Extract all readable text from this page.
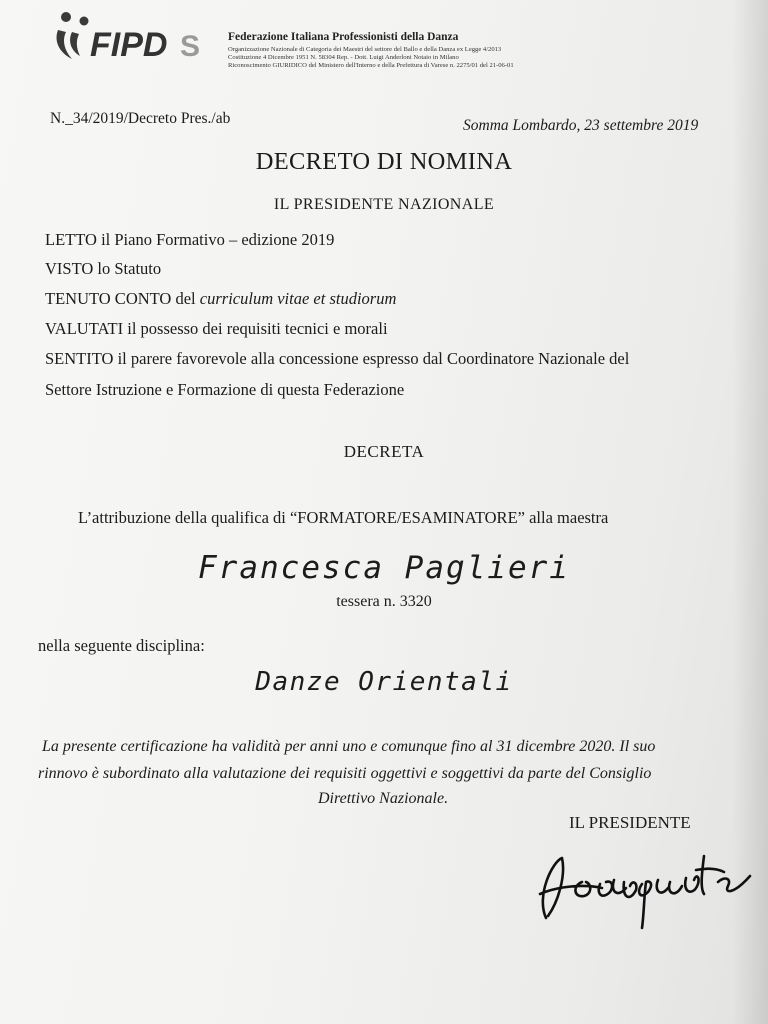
FIPD S Federazione Italiana Professionisti della Danza
Organizzazione Nazionale di Categoria dei Maestri del settore del Ballo e della Danza ex Legge 4/2013
Costituzione 4 Dicembre 1951 N. 58304 Rep. - Dott. Luigi Anderloni Notaio in Milano
Riconoscimento GIURIDICO del Ministero dell'Interno e della Prefettura di Varese n. 2275/01 del 21-06-01
N._34/2019/Decreto Pres./ab	Somma Lombardo, 23 settembre 2019
DECRETO DI NOMINA
IL PRESIDENTE NAZIONALE
LETTO il Piano Formativo – edizione 2019
VISTO lo Statuto
TENUTO CONTO del curriculum vitae et studiorum
VALUTATI il possesso dei requisiti tecnici e morali
SENTITO il parere favorevole alla concessione espresso dal Coordinatore Nazionale del
Settore Istruzione e Formazione di questa Federazione
DECRETA
L’attribuzione della qualifica di “FORMATORE/ESAMINATORE” alla maestra
Francesca Paglieri
tessera n. 3320
nella seguente disciplina:
Danze Orientali
La presente certificazione ha validità per anni uno e comunque fino al 31 dicembre 2020. Il suo
rinnovo è subordinato alla valutazione dei requisiti oggettivi e soggettivi da parte del Consiglio
Direttivo Nazionale.
IL PRESIDENTE
